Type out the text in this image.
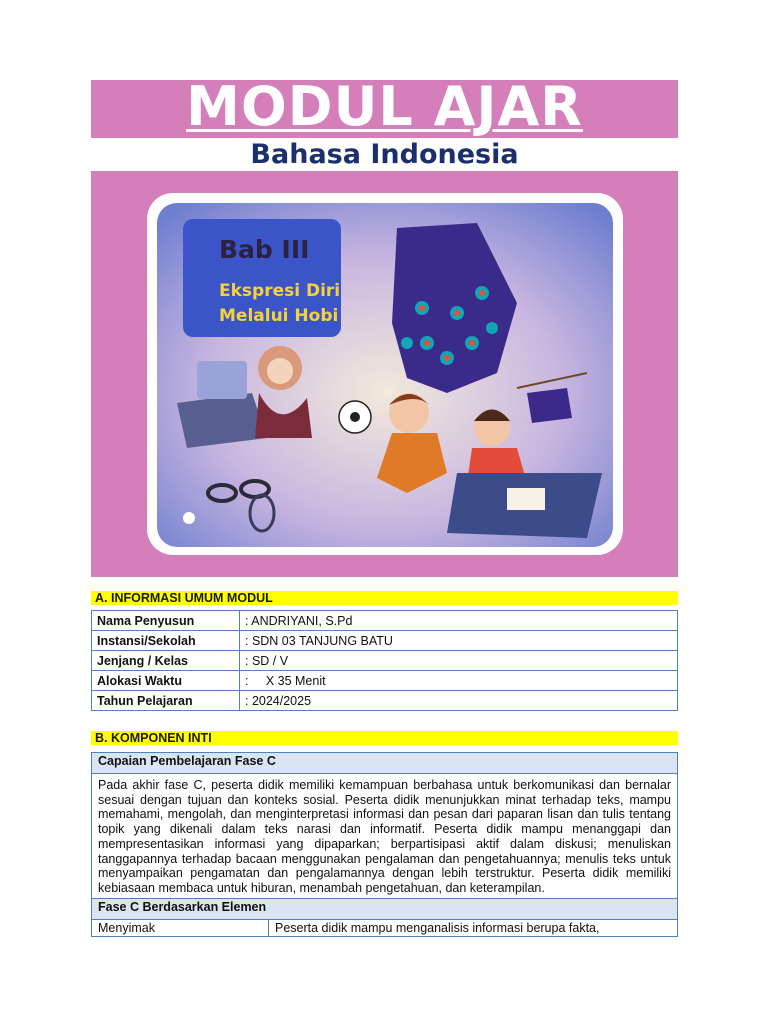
MODUL AJAR
Bahasa Indonesia
Bab III
Ekspresi Diri
Melalui Hobi
A. INFORMASI UMUM MODUL
Nama Penyusun	: ANDRIYANI, S.Pd
Instansi/Sekolah	: SDN 03 TANJUNG BATU
Jenjang / Kelas	: SD / V
Alokasi Waktu	:     X 35 Menit
Tahun Pelajaran	: 2024/2025
B. KOMPONEN INTI
Capaian Pembelajaran Fase C
Pada akhir fase C, peserta didik memiliki kemampuan berbahasa untuk berkomunikasi dan bernalar sesuai dengan tujuan dan konteks sosial. Peserta didik menunjukkan minat terhadap teks, mampu memahami, mengolah, dan menginterpretasi informasi dan pesan dari paparan lisan dan tulis tentang topik yang dikenali dalam teks narasi dan informatif. Peserta didik mampu menanggapi dan mempresentasikan informasi yang dipaparkan; berpartisipasi aktif dalam diskusi; menuliskan tanggapannya terhadap bacaan menggunakan pengalaman dan pengetahuannya; menulis teks untuk menyampaikan pengamatan dan pengalamannya dengan lebih terstruktur. Peserta didik memiliki kebiasaan membaca untuk hiburan, menambah pengetahuan, dan keterampilan.
Fase C Berdasarkan Elemen
Menyimak	Peserta didik mampu menganalisis informasi berupa fakta,
